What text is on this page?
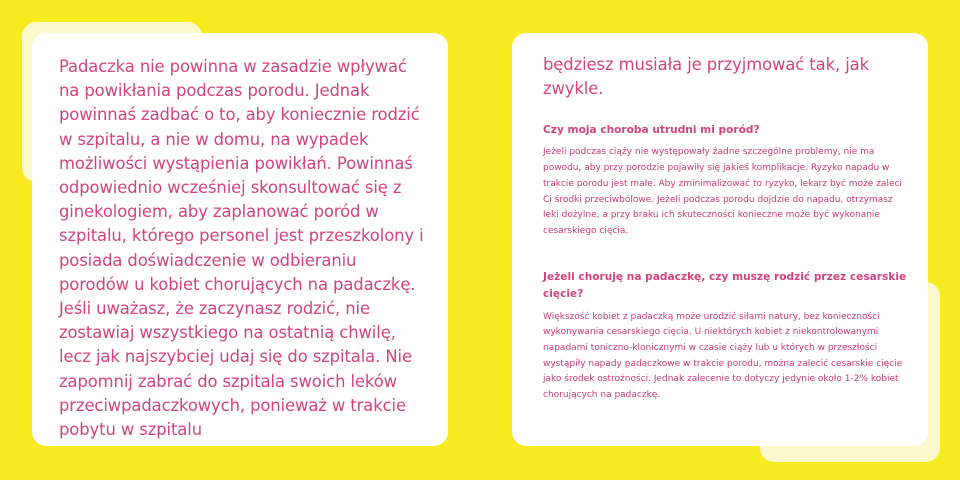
Padaczka nie powinna w zasadzie wpływać na powikłania podczas porodu. Jednak powinnaś zadbać o to, aby koniecznie rodzić w szpitalu, a nie w domu, na wypadek możliwości wystąpienia powikłań. Powinnaś odpowiednio wcześniej skonsultować się z ginekologiem, aby zaplanować poród w szpitalu, którego personel jest przeszkolony i posiada doświadczenie w odbieraniu porodów u kobiet chorujących na padaczkę. Jeśli uważasz, że zaczynasz rodzić, nie zostawiaj wszystkiego na ostatnią chwilę, lecz jak najszybciej udaj się do szpitala. Nie zapomnij zabrać do szpitala swoich leków przeciwpadaczkowych, ponieważ w trakcie pobytu w szpitalu

będziesz musiała je przyjmować tak, jak zwykle.

Czy moja choroba utrudni mi poród?

Jeżeli podczas ciąży nie występowały żadne szczególne problemy, nie ma powodu, aby przy porodzie pojawiły się jakieś komplikacje. Ryzyko napadu w trakcie porodu jest małe. Aby zminimalizować to ryzyko, lekarz być może zaleci Ci środki przeciwbólowe. Jeżeli podczas porodu dojdzie do napadu, otrzymasz leki dożylne, a przy braku ich skuteczności konieczne może być wykonanie cesarskiego cięcia.

Jeżeli choruję na padaczkę, czy muszę rodzić przez cesarskie cięcie?

Większość kobiet z padaczką może urodzić siłami natury, bez konieczności wykonywania cesarskiego cięcia. U niektórych kobiet z niekontrolowanymi napadami toniczno-klonicznymi w czasie ciąży lub u których w przeszłości wystąpiły napady padaczkowe w trakcie porodu, można zalecić cesarskie cięcie jako środek ostrożności. Jednak zalecenie to dotyczy jedynie około 1-2% kobiet chorujących na padaczkę.
